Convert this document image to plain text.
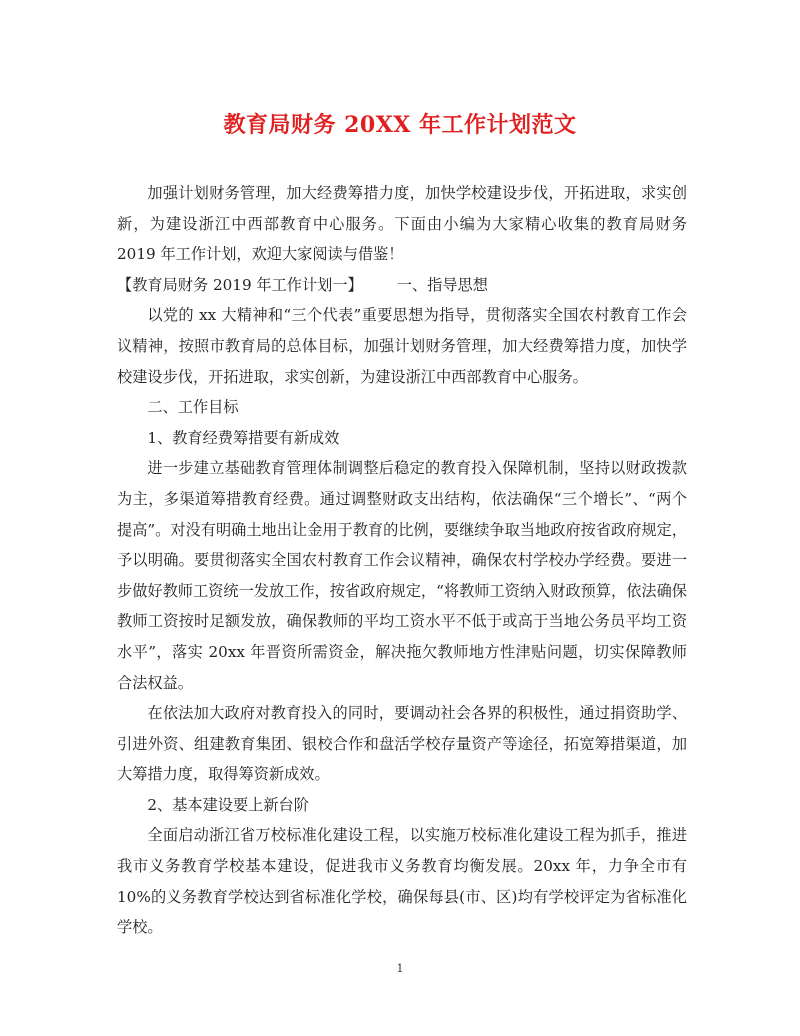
教育局财务 20XX 年工作计划范文

加强计划财务管理，加大经费筹措力度，加快学校建设步伐，开拓进取，求实创新，为建设浙江中西部教育中心服务。下面由小编为大家精心收集的教育局财务 2019 年工作计划，欢迎大家阅读与借鉴！

【教育局财务 2019 年工作计划一】 一、指导思想

以党的 xx 大精神和“三个代表”重要思想为指导，贯彻落实全国农村教育工作会议精神，按照市教育局的总体目标，加强计划财务管理，加大经费筹措力度，加快学校建设步伐，开拓进取，求实创新，为建设浙江中西部教育中心服务。

二、工作目标

1、教育经费筹措要有新成效

进一步建立基础教育管理体制调整后稳定的教育投入保障机制，坚持以财政拨款为主，多渠道筹措教育经费。通过调整财政支出结构，依法确保“三个增长”、“两个提高”。对没有明确土地出让金用于教育的比例，要继续争取当地政府按省政府规定，予以明确。要贯彻落实全国农村教育工作会议精神，确保农村学校办学经费。要进一步做好教师工资统一发放工作，按省政府规定，“将教师工资纳入财政预算，依法确保教师工资按时足额发放，确保教师的平均工资水平不低于或高于当地公务员平均工资水平”，落实 20xx 年晋资所需资金，解决拖欠教师地方性津贴问题，切实保障教师合法权益。

在依法加大政府对教育投入的同时，要调动社会各界的积极性，通过捐资助学、引进外资、组建教育集团、银校合作和盘活学校存量资产等途径，拓宽筹措渠道，加大筹措力度，取得筹资新成效。

2、基本建设要上新台阶

全面启动浙江省万校标准化建设工程，以实施万校标准化建设工程为抓手，推进我市义务教育学校基本建设，促进我市义务教育均衡发展。20xx 年，力争全市有 10%的义务教育学校达到省标准化学校，确保每县(市、区)均有学校评定为省标准化学校。

1
